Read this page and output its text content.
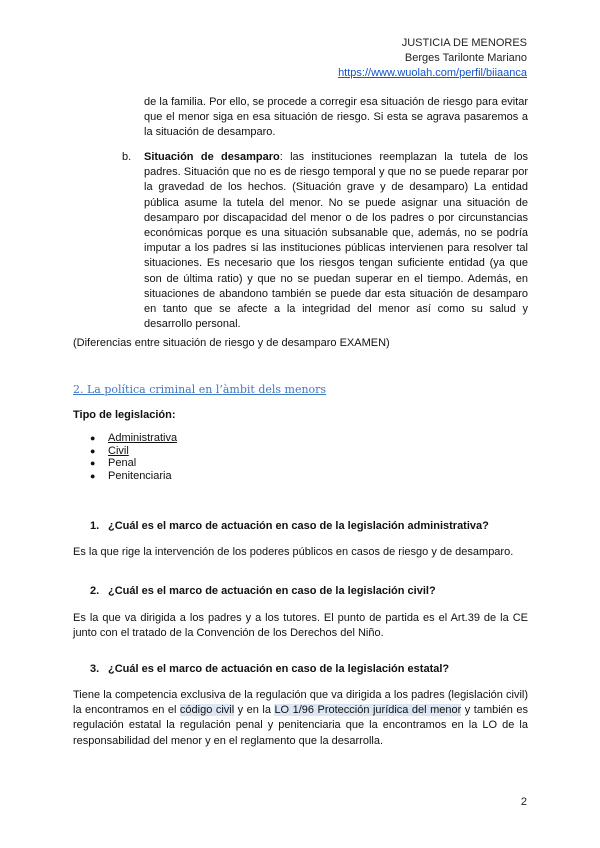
JUSTICIA DE MENORES
Berges Tarilonte Mariano
https://www.wuolah.com/perfil/biiaanca
de la familia. Por ello, se procede a corregir esa situación de riesgo para evitar que el menor siga en esa situación de riesgo. Si esta se agrava pasaremos a la situación de desamparo.
b.	Situación de desamparo: las instituciones reemplazan la tutela de los padres. Situación que no es de riesgo temporal y que no se puede reparar por la gravedad de los hechos. (Situación grave y de desamparo) La entidad pública asume la tutela del menor. No se puede asignar una situación de desamparo por discapacidad del menor o de los padres o por circunstancias económicas porque es una situación subsanable que, además, no se podría imputar a los padres si las instituciones públicas intervienen para resolver tal situaciones. Es necesario que los riesgos tengan suficiente entidad (ya que son de última ratio) y que no se puedan superar en el tiempo. Además, en situaciones de abandono también se puede dar esta situación de desamparo en tanto que se afecte a la integridad del menor así como su salud y desarrollo personal.
(Diferencias entre situación de riesgo y de desamparo EXAMEN)
2. La política criminal en l’àmbit dels menors
Tipo de legislación:
● Administrativa
● Civil
● Penal
● Penitenciaria
1. ¿Cuál es el marco de actuación en caso de la legislación administrativa?
Es la que rige la intervención de los poderes públicos en casos de riesgo y de desamparo.
2. ¿Cuál es el marco de actuación en caso de la legislación civil?
Es la que va dirigida a los padres y a los tutores. El punto de partida es el Art.39 de la CE junto con el tratado de la Convención de los Derechos del Niño.
3. ¿Cuál es el marco de actuación en caso de la legislación estatal?
Tiene la competencia exclusiva de la regulación que va dirigida a los padres (legislación civil) la encontramos en el código civil y en la LO 1/96 Protección jurídica del menor y también es regulación estatal la regulación penal y penitenciaria que la encontramos en la LO de la responsabilidad del menor y en el reglamento que la desarrolla.
2
